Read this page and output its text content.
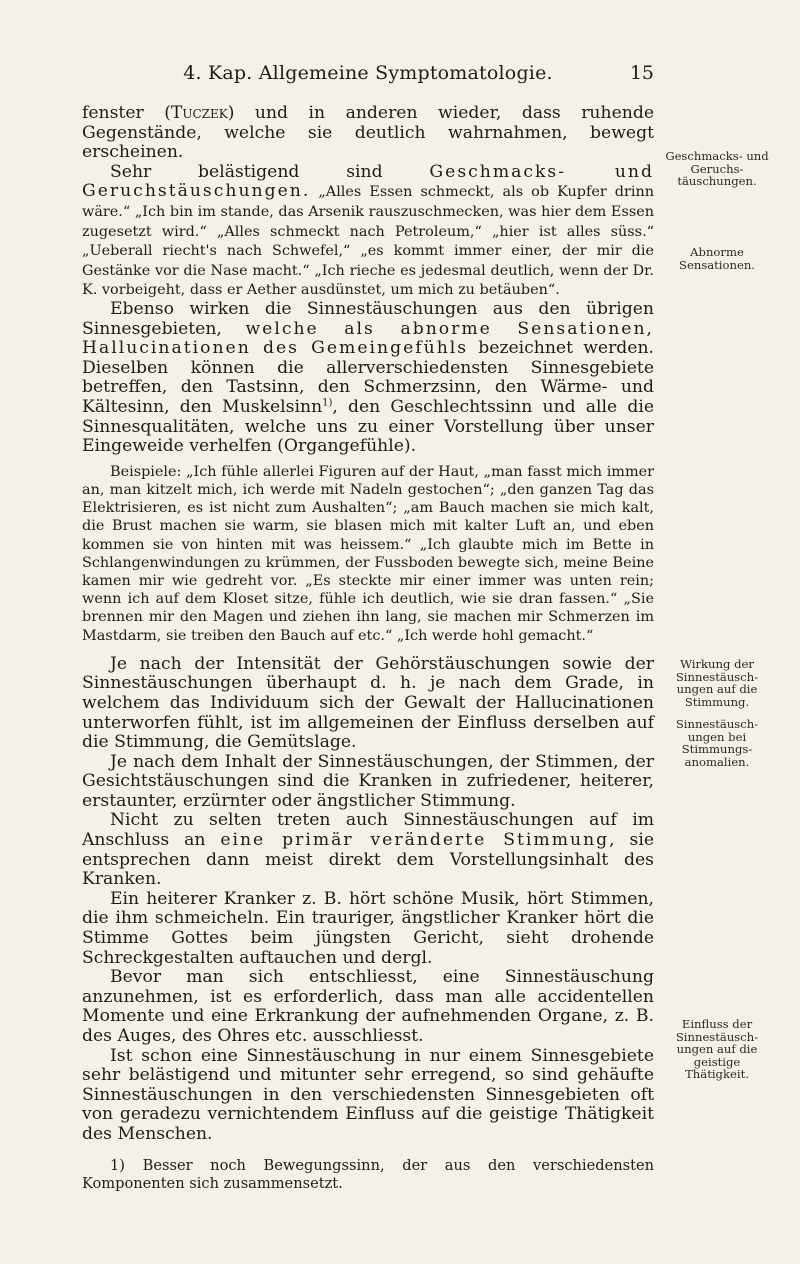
4. Kap. Allgemeine Symptomatologie.	15

fenster (Tuczek) und in anderen wieder, dass ruhende Gegenstände, welche sie deutlich wahrnahmen, bewegt erscheinen.

Sehr belästigend sind Geschmacks- und Geruchstäuschungen. „Alles Essen schmeckt, als ob Kupfer drinn wäre.“ „Ich bin im stande, das Arsenik rauszuschmecken, was hier dem Essen zugesetzt wird.“ „Alles schmeckt nach Petroleum,“ „hier ist alles süss.“ „Ueberall riecht's nach Schwefel,“ „es kommt immer einer, der mir die Gestänke vor die Nase macht.“ „Ich rieche es jedesmal deutlich, wenn der Dr. K. vorbeigeht, dass er Aether ausdünstet, um mich zu betäuben“.

Ebenso wirken die Sinnestäuschungen aus den übrigen Sinnesgebieten, welche als abnorme Sensationen, Hallucinationen des Gemeingefühls bezeichnet werden. Dieselben können die allerverschiedensten Sinnesgebiete betreffen, den Tastsinn, den Schmerzsinn, den Wärme- und Kältesinn, den Muskelsinn$^{1)}$, den Geschlechtssinn und alle die Sinnesqualitäten, welche uns zu einer Vorstellung über unser Eingeweide verhelfen (Organgefühle).

Beispiele: „Ich fühle allerlei Figuren auf der Haut, „man fasst mich immer an, man kitzelt mich, ich werde mit Nadeln gestochen“; „den ganzen Tag das Elektrisieren, es ist nicht zum Aushalten“; „am Bauch machen sie mich kalt, die Brust machen sie warm, sie blasen mich mit kalter Luft an, und eben kommen sie von hinten mit was heissem.“ „Ich glaubte mich im Bette in Schlangenwindungen zu krümmen, der Fussboden bewegte sich, meine Beine kamen mir wie gedreht vor. „Es steckte mir einer immer was unten rein; wenn ich auf dem Kloset sitze, fühle ich deutlich, wie sie dran fassen.“ „Sie brennen mir den Magen und ziehen ihn lang, sie machen mir Schmerzen im Mastdarm, sie treiben den Bauch auf etc.“ „Ich werde hohl gemacht.“

Je nach der Intensität der Gehörstäuschungen sowie der Sinnestäuschungen überhaupt d. h. je nach dem Grade, in welchem das Individuum sich der Gewalt der Hallucinationen unterworfen fühlt, ist im allgemeinen der Einfluss derselben auf die Stimmung, die Gemütslage.

Je nach dem Inhalt der Sinnestäuschungen, der Stimmen, der Gesichtstäuschungen sind die Kranken in zufriedener, heiterer, erstaunter, erzürnter oder ängstlicher Stimmung.

Nicht zu selten treten auch Sinnestäuschungen auf im Anschluss an eine primär veränderte Stimmung, sie entsprechen dann meist direkt dem Vorstellungsinhalt des Kranken.

Ein heiterer Kranker z. B. hört schöne Musik, hört Stimmen, die ihm schmeicheln. Ein trauriger, ängstlicher Kranker hört die Stimme Gottes beim jüngsten Gericht, sieht drohende Schreckgestalten auftauchen und dergl.

Bevor man sich entschliesst, eine Sinnestäuschung anzunehmen, ist es erforderlich, dass man alle accidentellen Momente und eine Erkrankung der aufnehmenden Organe, z. B. des Auges, des Ohres etc. ausschliesst.

Ist schon eine Sinnestäuschung in nur einem Sinnesgebiete sehr belästigend und mitunter sehr erregend, so sind gehäufte Sinnestäuschungen in den verschiedensten Sinnesgebieten oft von geradezu vernichtendem Einfluss auf die geistige Thätigkeit des Menschen.

1) Besser noch Bewegungssinn, der aus den verschiedensten Komponenten sich zusammensetzt.

Geschmacks- und Geruchs-täuschungen.
Abnorme Sensationen.
Wirkung der Sinnestäusch-ungen auf die Stimmung.
Sinnestäusch-ungen bei Stimmungs-anomalien.
Einfluss der Sinnestäusch-ungen auf die geistige Thätigkeit.
